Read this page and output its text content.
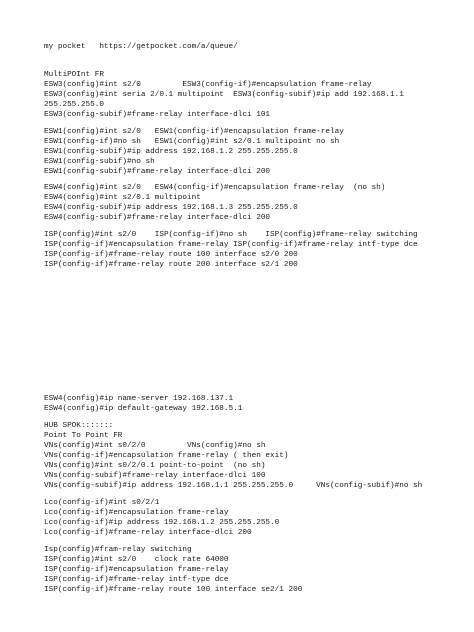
my pocket   https://getpocket.com/a/queue/

MultiPOInt FR

ESW3(config)#int s2/0         ESW3(config-if)#encapsulation frame-relay

ESW3(config)#int seria 2/0.1 multipoint  ESW3(config-subif)#ip add 192.168.1.1

255.255.255.0

ESW3(config-subif)#frame-relay interface-dlci 101

ESW1(config)#int s2/0   ESW1(config-if)#encapsulation frame-relay

ESW1(config-if)#no sh   ESW1(config)#int s2/0.1 multipoint no sh

ESW1(config-subif)#ip address 192.168.1.2 255.255.255.0

ESW1(config-subif)#no sh

ESW1(config-subif)#frame-relay interface-dlci 200

ESW4(config)#int s2/0   ESW4(config-if)#encapsulation frame-relay  (no sh)

ESW4(config)#int s2/0.1 multipoint

ESW4(config-subif)#ip address 192.168.1.3 255.255.255.0

ESW4(config-subif)#frame-relay interface-dlci 200

ISP(config)#int s2/0    ISP(config-if)#no sh    ISP(config)#frame-relay switching

ISP(config-if)#encapsulation frame-relay ISP(config-if)#frame-relay intf-type dce

ISP(config-if)#frame-relay route 100 interface s2/0 200

ISP(config-if)#frame-relay route 200 interface s2/1 200

ESW4(config)#ip name-server 192.168.137.1

ESW4(config)#ip default-gateway 192.168.5.1

HUB SPOK:::::::

Point To Point FR

VNs(config)#int s0/2/0         VNs(config)#no sh

VNs(config-if)#encapsulation frame-relay ( then exit)

VNs(config)#int s0/2/0.1 point-to-point  (no sh)

VNs(config-subif)#frame-relay interface-dlci 100

VNs(config-subif)#ip address 192.168.1.1 255.255.255.0     VNs(config-subif)#no sh

Lco(config-if)#int s0/2/1

Lco(config-if)#encapsulation frame-relay

Lco(config-if)#ip address 192.168.1.2 255.255.255.0

Lco(config-if)#frame-relay interface-dlci 200

Isp(config)#fram-relay switching

ISP(config)#int s2/0    clock rate 64000

ISP(config-if)#encapsulation frame-relay

ISP(config-if)#frame-relay intf-type dce

ISP(config-if)#frame-relay route 100 interface se2/1 200
